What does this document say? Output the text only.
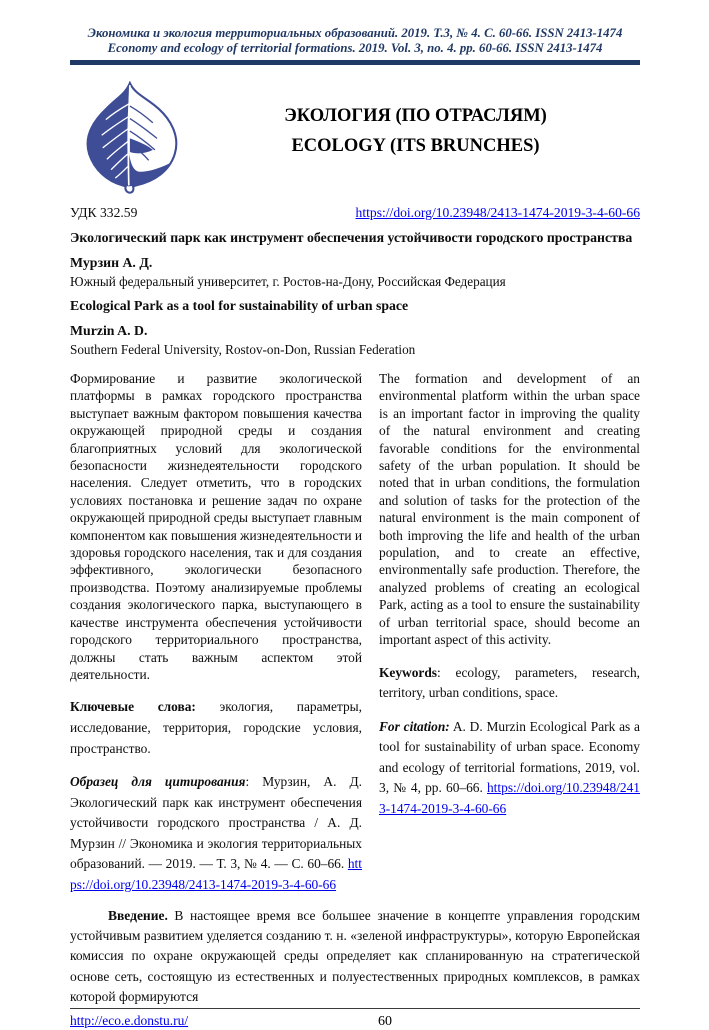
Экономика и экология территориальных образований. 2019. Т.3, № 4. С. 60-66. ISSN 2413-1474
Economy and ecology of territorial formations. 2019. Vol. 3, no. 4. pp. 60-66. ISSN 2413-1474
ЭКОЛОГИЯ (ПО ОТРАСЛЯМ)
ECOLOGY (ITS BRUNCHES)
УДК 332.59	https://doi.org/10.23948/2413-1474-2019-3-4-60-66
Экологический парк как инструмент обеспечения устойчивости городского пространства
Мурзин А. Д.
Южный федеральный университет, г. Ростов-на-Дону, Российская Федерация
Ecological Park as a tool for sustainability of urban space
Murzin A. D.
Southern Federal University, Rostov-on-Don, Russian Federation

Формирование и развитие экологической платформы в рамках городского пространства выступает важным фактором повышения качества окружающей природной среды и создания благоприятных условий для экологической безопасности жизнедеятельности городского населения. Следует отметить, что в городских условиях постановка и решение задач по охране окружающей природной среды выступает главным компонентом как повышения жизнедеятельности и здоровья городского населения, так и для создания эффективного, экологически безопасного производства. Поэтому анализируемые проблемы создания экологического парка, выступающего в качестве инструмента обеспечения устойчивости городского территориального пространства, должны стать важным аспектом этой деятельности.

Ключевые слова: экология, параметры, исследование, территория, городские условия, пространство.

Образец для цитирования: Мурзин, А. Д. Экологический парк как инструмент обеспечения устойчивости городского пространства / А. Д. Мурзин // Экономика и экология территориальных образований. — 2019. — Т. 3, № 4. — С. 60–66. https://doi.org/10.23948/2413-1474-2019-3-4-60-66

The formation and development of an environmental platform within the urban space is an important factor in improving the quality of the natural environment and creating favorable conditions for the environmental safety of the urban population. It should be noted that in urban conditions, the formulation and solution of tasks for the protection of the natural environment is the main component of both improving the life and health of the urban population, and to create an effective, environmentally safe production. Therefore, the analyzed problems of creating an ecological Park, acting as a tool to ensure the sustainability of urban territorial space, should become an important aspect of this activity.

Keywords: ecology, parameters, research, territory, urban conditions, space.

For citation: A. D. Murzin Ecological Park as a tool for sustainability of urban space. Economy and ecology of territorial formations, 2019, vol. 3, № 4, pp. 60–66. https://doi.org/10.23948/2413-1474-2019-3-4-60-66

Введение. В настоящее время все большее значение в концепте управления городским устойчивым развитием уделяется созданию т. н. «зеленой инфраструктуры», которую Европейская комиссия по охране окружающей среды определяет как спланированную на стратегической основе сеть, состоящую из естественных и полуестественных природных комплексов, в рамках которой формируются

http://eco.e.donstu.ru/	60
